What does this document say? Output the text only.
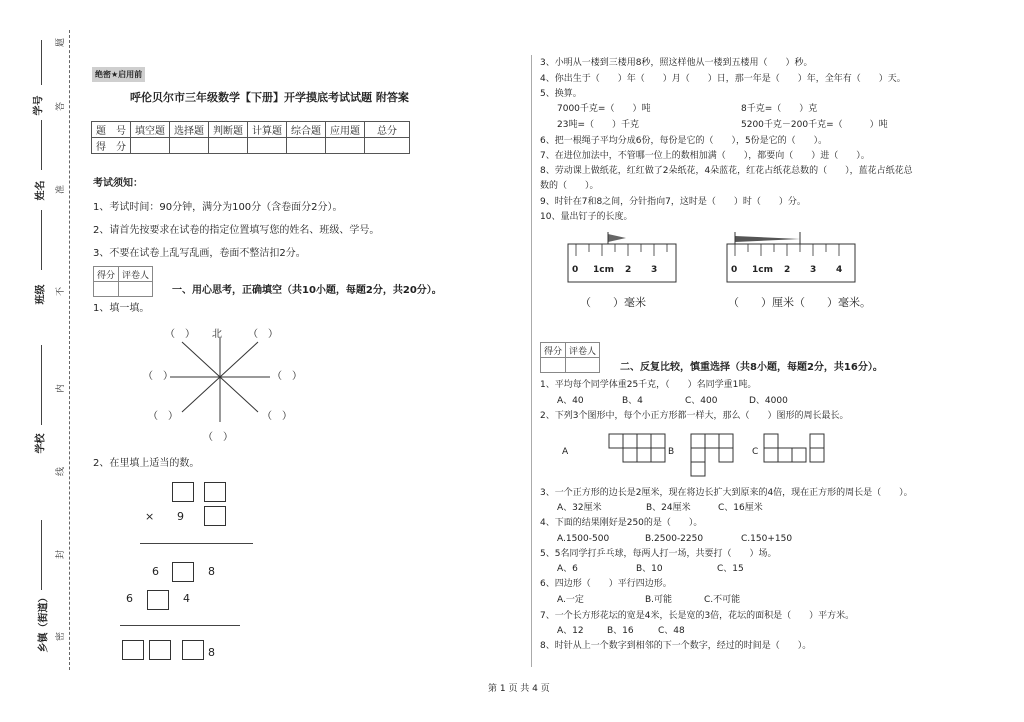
学号
姓名
班级
学校
乡镇（街道）
题
答
准
不
内
线
封
密
绝密★启用前
呼伦贝尔市三年级数学【下册】开学摸底考试试题 附答案
题　号	填空题	选择题	判断题	计算题	综合题	应用题	总分
得　分							
考试须知：
1、考试时间：90分钟，满分为100分（含卷面分2分）。
2、请首先按要求在试卷的指定位置填写您的姓名、班级、学号。
3、不要在试卷上乱写乱画，卷面不整洁扣2分。
得分	评卷人

一、用心思考，正确填空（共10小题，每题2分，共20分）。
1、填一填。
（　） 北	（　）
（　）	（　）
（　）	（　）
（　）
2、在里填上适当的数。
× 9
6	8
6	4
8
3、小明从一楼到三楼用8秒，照这样他从一楼到五楼用（　　）秒。
4、你出生于（　　）年（　　）月（　　）日，那一年是（　　）年，全年有（　　）天。
5、换算。
7000千克=（　　）吨	8千克=（　　）克
23吨=（　　）千克	5200千克－200千克=（　　　）吨
6、把一根绳子平均分成6份，每份是它的（　　），5份是它的（　　）。
7、在进位加法中，不管哪一位上的数相加满（　　），都要向（　　）进（　　）。
8、劳动课上做纸花，红红做了2朵纸花，4朵蓝花，红花占纸花总数的（　　），蓝花占纸花总
数的（　　）。
9、时针在7和8之间，分针指向7，这时是（　　）时（　　）分。
10、量出钉子的长度。
0 1cm 2 3	0 1cm 2 3 4
（　　）毫米	（　　）厘米（　　）毫米。
得分	评卷人

二、反复比较，慎重选择（共8小题，每题2分，共16分）。
1、平均每个同学体重25千克，（　　）名同学重1吨。
A、40	B、4	C、400	D、4000
2、下列3个图形中，每个小正方形都一样大，那么（　　）图形的周长最长。
A	B	C
3、一个正方形的边长是2厘米，现在将边长扩大到原来的4倍，现在正方形的周长是（　　）。
A、32厘米	B、24厘米	C、16厘米
4、下面的结果刚好是250的是（　　）。
A.1500-500	B.2500-2250	C.150+150
5、5名同学打乒乓球，每两人打一场，共要打（　　）场。
A、6	B、10	C、15
6、四边形（　　）平行四边形。
A.一定	B.可能	C.不可能
7、一个长方形花坛的宽是4米，长是宽的3倍，花坛的面积是（　　）平方米。
A、12	B、16	C、48
8、时针从上一个数字到相邻的下一个数字，经过的时间是（　　）。
第 1 页 共 4 页
